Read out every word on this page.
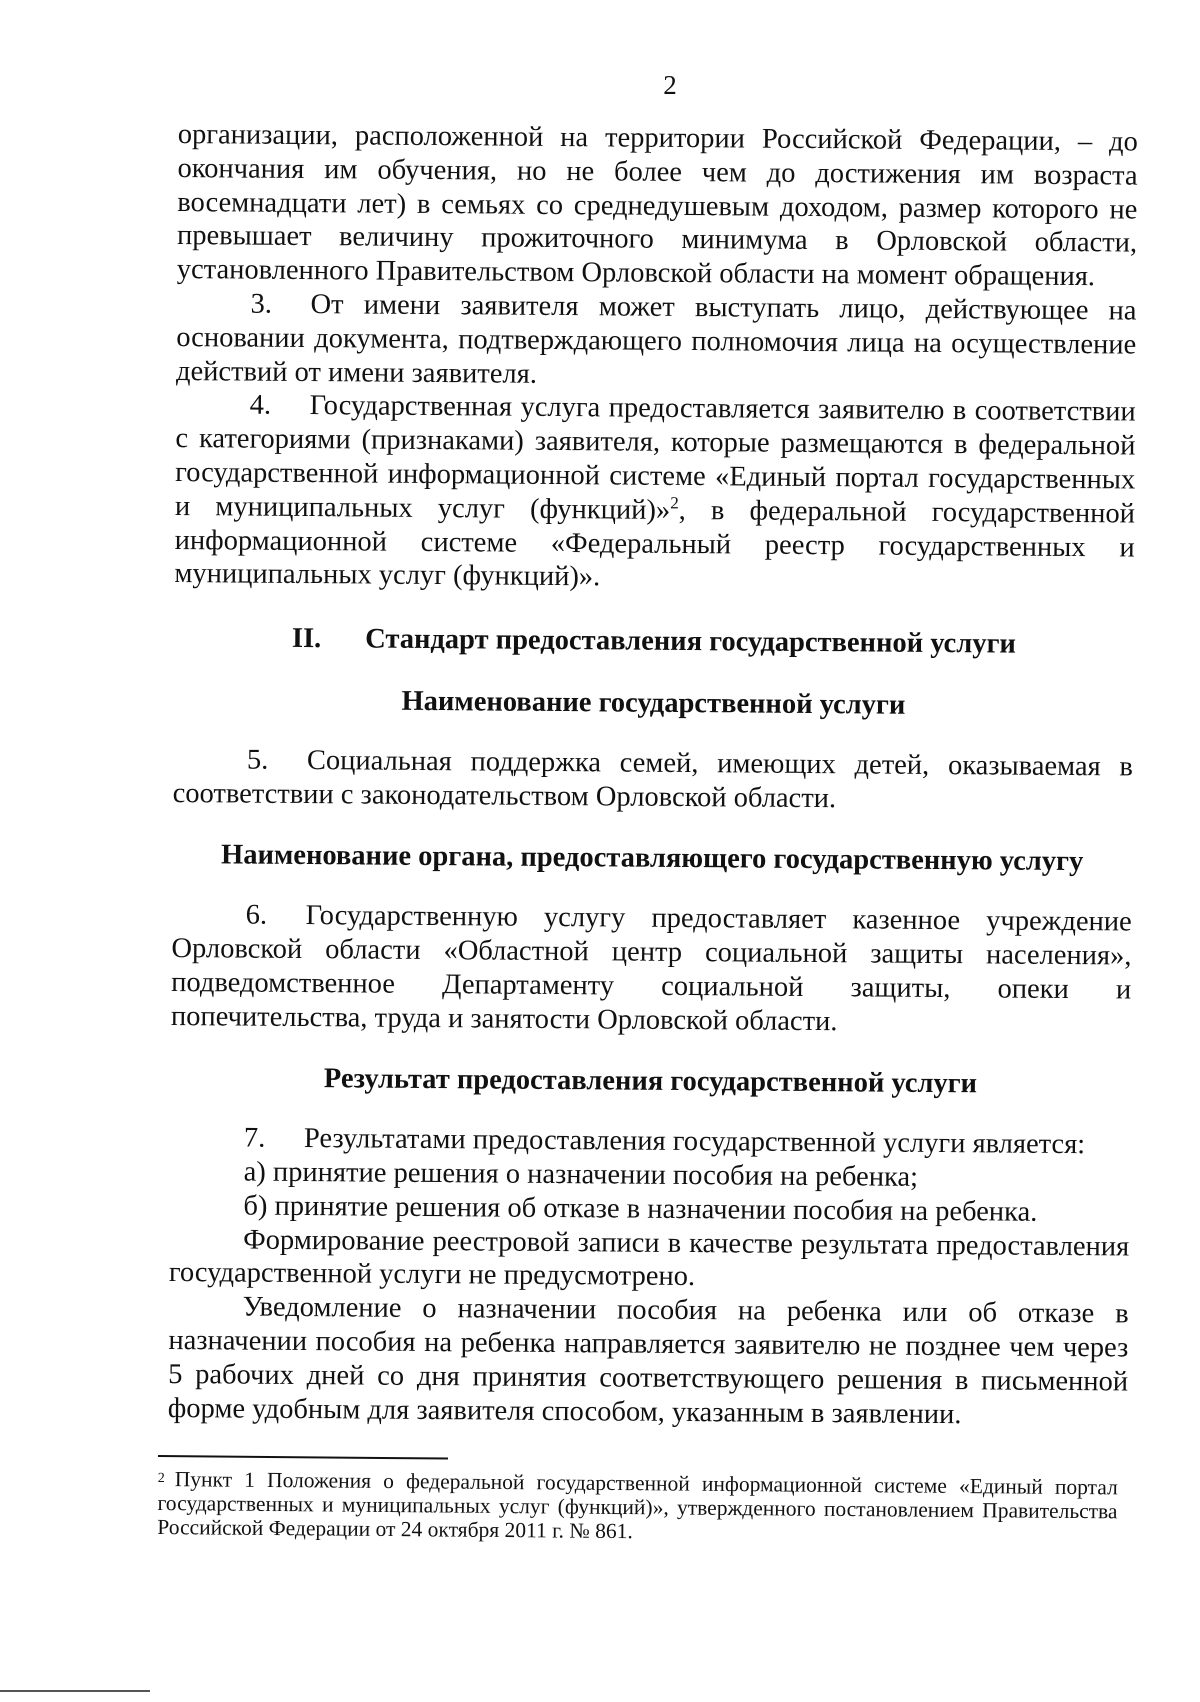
2

организации, расположенной на территории Российской Федерации, – до окончания им обучения, но не более чем до достижения им возраста восемнадцати лет) в семьях со среднедушевым доходом, размер которого не превышает величину прожиточного минимума в Орловской области, установленного Правительством Орловской области на момент обращения.

3. От имени заявителя может выступать лицо, действующее на основании документа, подтверждающего полномочия лица на осуществление действий от имени заявителя.

4. Государственная услуга предоставляется заявителю в соответствии с категориями (признаками) заявителя, которые размещаются в федеральной государственной информационной системе «Единый портал государственных и муниципальных услуг (функций)»$^2$, в федеральной государственной информационной системе «Федеральный реестр государственных и муниципальных услуг (функций)».

II. Стандарт предоставления государственной услуги

Наименование государственной услуги

5. Социальная поддержка семей, имеющих детей, оказываемая в соответствии с законодательством Орловской области.

Наименование органа, предоставляющего государственную услугу

6. Государственную услугу предоставляет казенное учреждение Орловской области «Областной центр социальной защиты населения», подведомственное Департаменту социальной защиты, опеки и попечительства, труда и занятости Орловской области.

Результат предоставления государственной услуги

7. Результатами предоставления государственной услуги является:

а) принятие решения о назначении пособия на ребенка;

б) принятие решения об отказе в назначении пособия на ребенка.

Формирование реестровой записи в качестве результата предоставления государственной услуги не предусмотрено.

Уведомление о назначении пособия на ребенка или об отказе в назначении пособия на ребенка направляется заявителю не позднее чем через 5 рабочих дней со дня принятия соответствующего решения в письменной форме удобным для заявителя способом, указанным в заявлении.

$^2$ Пункт 1 Положения о федеральной государственной информационной системе «Единый портал государственных и муниципальных услуг (функций)», утвержденного постановлением Правительства Российской Федерации от 24 октября 2011 г. № 861.
